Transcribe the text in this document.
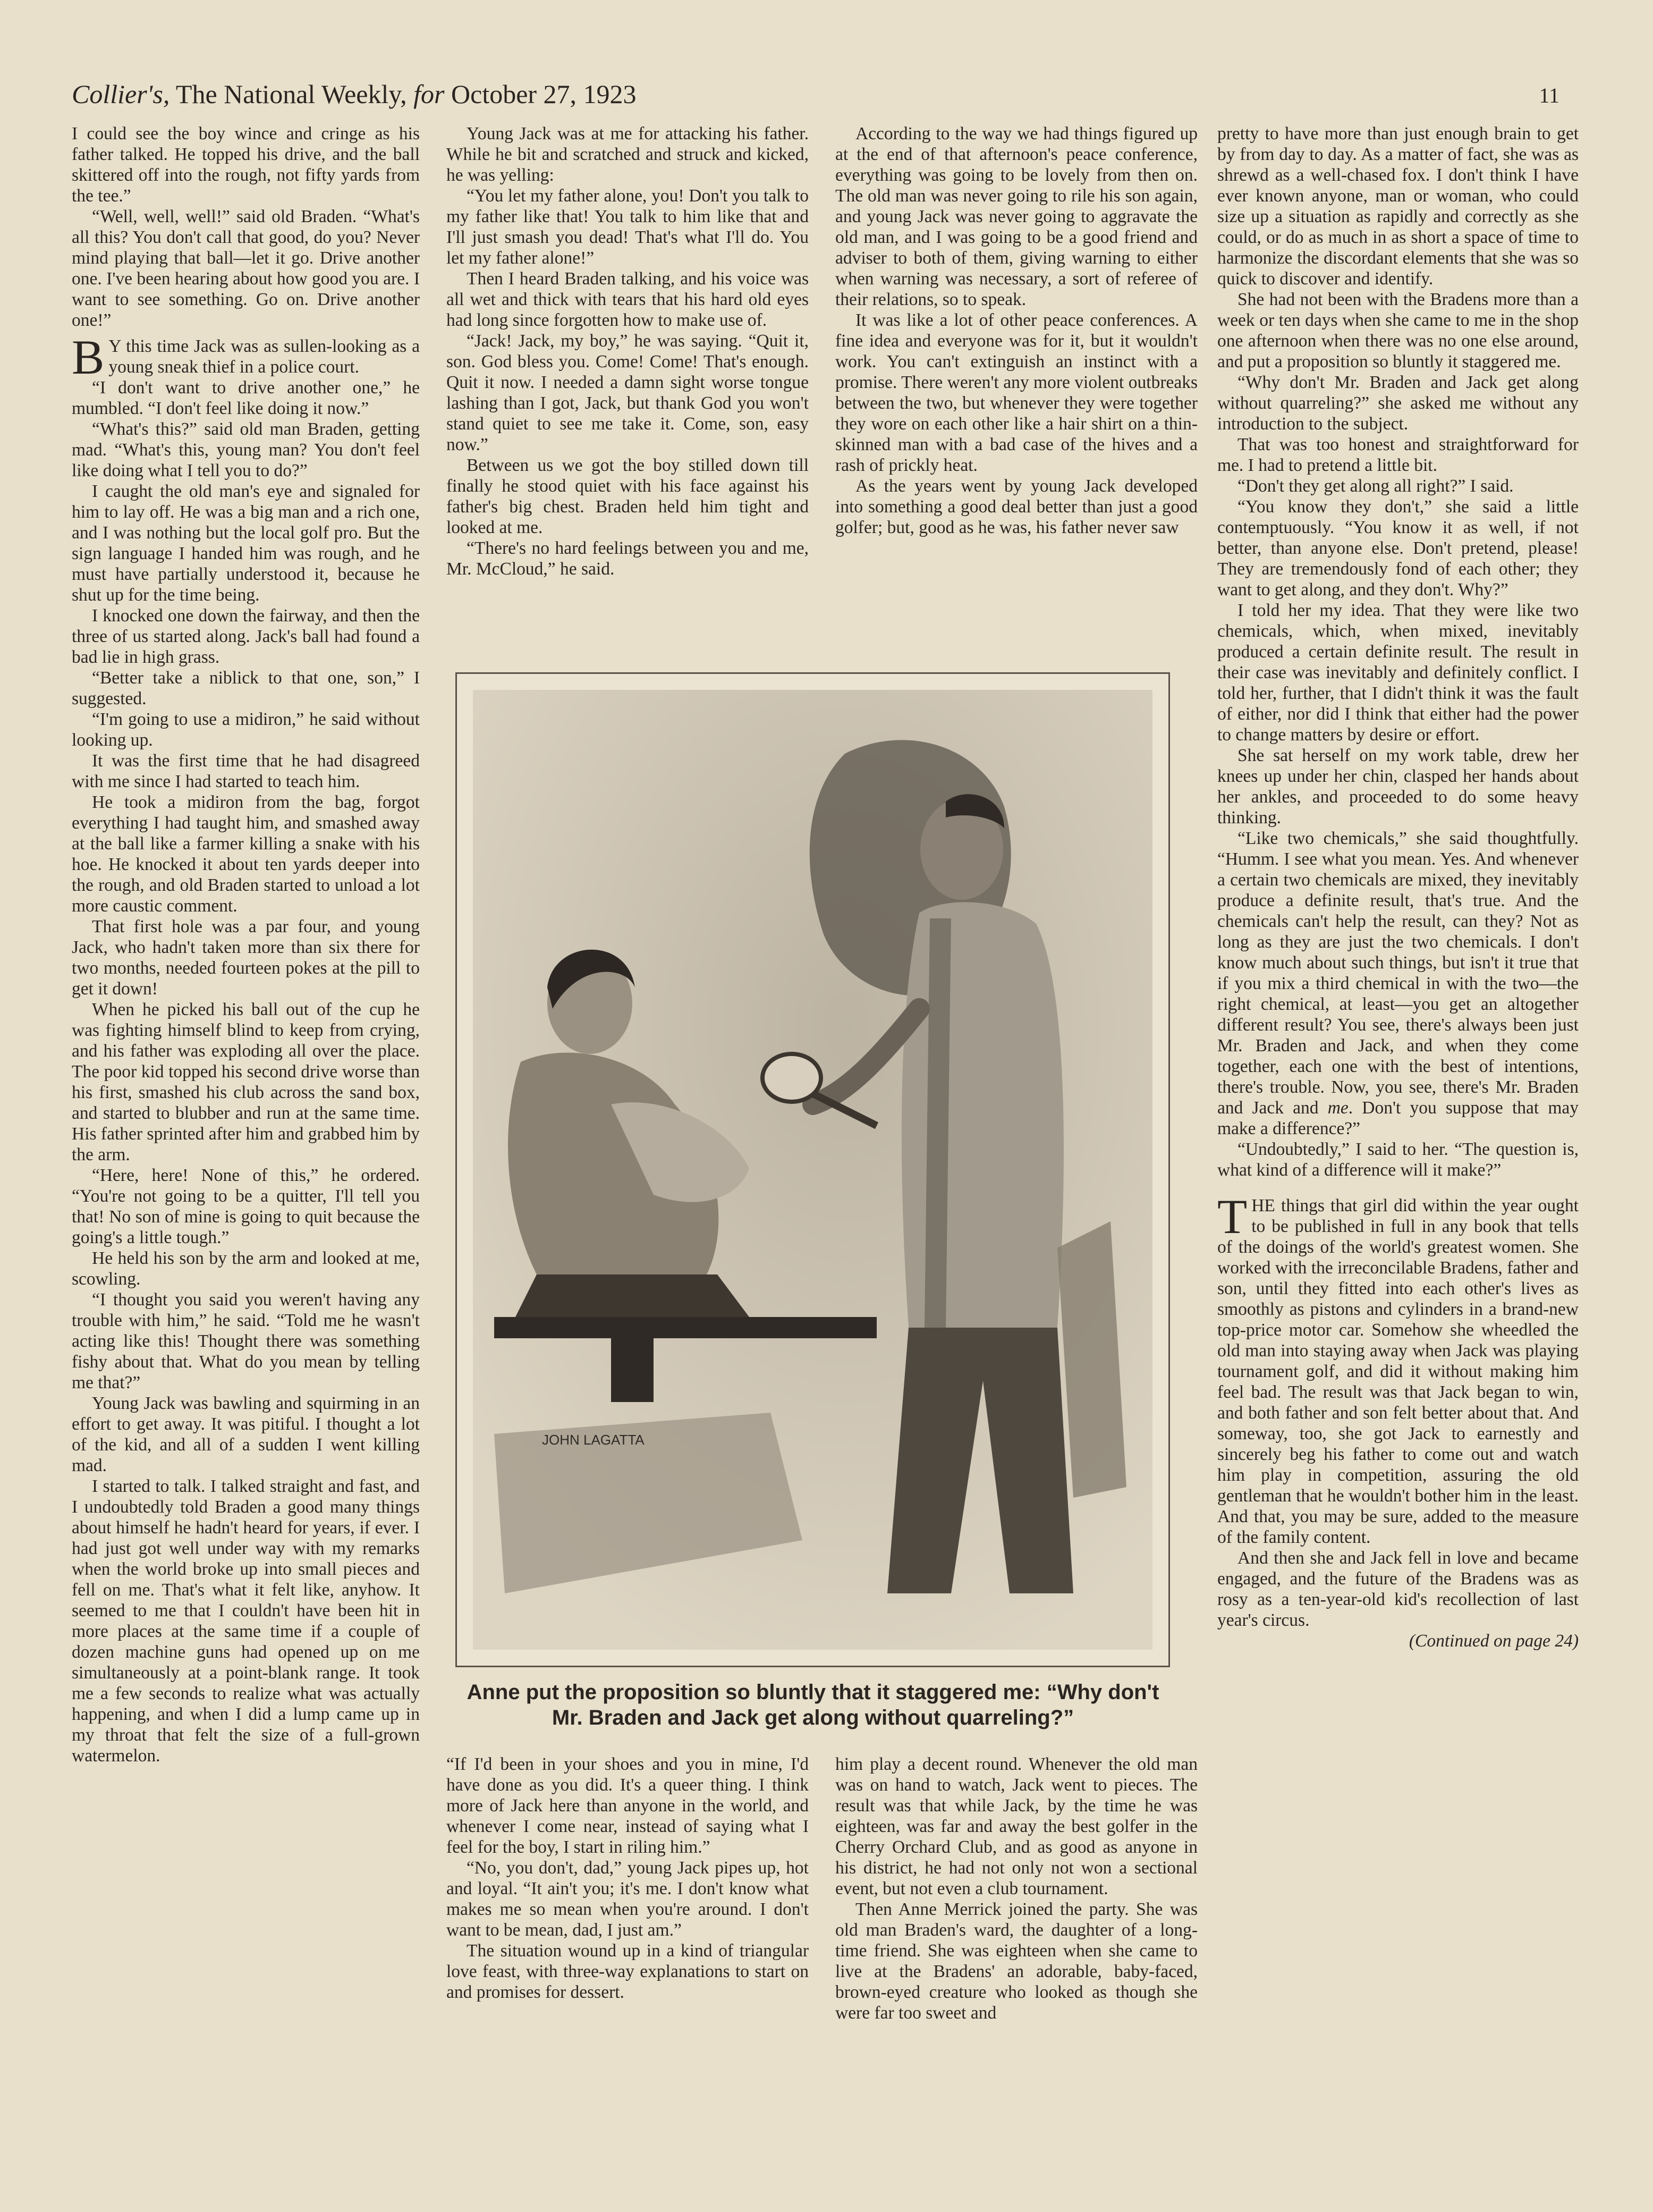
Collier's, The National Weekly, for October 27, 1923	11

I could see the boy wince and cringe as his father talked. He topped his drive, and the ball skittered off into the rough, not fifty yards from the tee.”

“Well, well, well!” said old Braden. “What's all this? You don't call that good, do you? Never mind playing that ball—let it go. Drive another one. I've been hearing about how good you are. I want to see something. Go on. Drive another one!”

B Y this time Jack was as sullen-looking as a young sneak thief in a police court.

“I don't want to drive another one,” he mumbled. “I don't feel like doing it now.”

“What's this?” said old man Braden, getting mad. “What's this, young man? You don't feel like doing what I tell you to do?”

I caught the old man's eye and signaled for him to lay off. He was a big man and a rich one, and I was nothing but the local golf pro. But the sign language I handed him was rough, and he must have partially understood it, because he shut up for the time being.

I knocked one down the fairway, and then the three of us started along. Jack's ball had found a bad lie in high grass.

“Better take a niblick to that one, son,” I suggested.

“I'm going to use a midiron,” he said without looking up.

It was the first time that he had disagreed with me since I had started to teach him.

He took a midiron from the bag, forgot everything I had taught him, and smashed away at the ball like a farmer killing a snake with his hoe. He knocked it about ten yards deeper into the rough, and old Braden started to unload a lot more caustic comment.

That first hole was a par four, and young Jack, who hadn't taken more than six there for two months, needed fourteen pokes at the pill to get it down!

When he picked his ball out of the cup he was fighting himself blind to keep from crying, and his father was exploding all over the place. The poor kid topped his second drive worse than his first, smashed his club across the sand box, and started to blubber and run at the same time. His father sprinted after him and grabbed him by the arm.

“Here, here! None of this,” he ordered. “You're not going to be a quitter, I'll tell you that! No son of mine is going to quit because the going's a little tough.”

He held his son by the arm and looked at me, scowling.

“I thought you said you weren't having any trouble with him,” he said. “Told me he wasn't acting like this! Thought there was something fishy about that. What do you mean by telling me that?”

Young Jack was bawling and squirming in an effort to get away. It was pitiful. I thought a lot of the kid, and all of a sudden I went killing mad.

I started to talk. I talked straight and fast, and I undoubtedly told Braden a good many things about himself he hadn't heard for years, if ever. I had just got well under way with my remarks when the world broke up into small pieces and fell on me. That's what it felt like, anyhow. It seemed to me that I couldn't have been hit in more places at the same time if a couple of dozen machine guns had opened up on me simultaneously at a point-blank range. It took me a few seconds to realize what was actually happening, and when I did a lump came up in my throat that felt the size of a full-grown watermelon.

Young Jack was at me for attacking his father. While he bit and scratched and struck and kicked, he was yelling:

“You let my father alone, you! Don't you talk to my father like that! You talk to him like that and I'll just smash you dead! That's what I'll do. You let my father alone!”

Then I heard Braden talking, and his voice was all wet and thick with tears that his hard old eyes had long since forgotten how to make use of.

“Jack! Jack, my boy,” he was saying. “Quit it, son. God bless you. Come! Come! That's enough. Quit it now. I needed a damn sight worse tongue lashing than I got, Jack, but thank God you won't stand quiet to see me take it. Come, son, easy now.”

Between us we got the boy stilled down till finally he stood quiet with his face against his father's big chest. Braden held him tight and looked at me.

“There's no hard feelings between you and me, Mr. McCloud,” he said.

According to the way we had things figured up at the end of that afternoon's peace conference, everything was going to be lovely from then on. The old man was never going to rile his son again, and young Jack was never going to aggravate the old man, and I was going to be a good friend and adviser to both of them, giving warning to either when warning was necessary, a sort of referee of their relations, so to speak.

It was like a lot of other peace conferences. A fine idea and everyone was for it, but it wouldn't work. You can't extinguish an instinct with a promise. There weren't any more violent outbreaks between the two, but whenever they were together they wore on each other like a hair shirt on a thin-skinned man with a bad case of the hives and a rash of prickly heat.

As the years went by young Jack developed into something a good deal better than just a good golfer; but, good as he was, his father never saw

pretty to have more than just enough brain to get by from day to day. As a matter of fact, she was as shrewd as a well-chased fox. I don't think I have ever known anyone, man or woman, who could size up a situation as rapidly and correctly as she could, or do as much in as short a space of time to harmonize the discordant elements that she was so quick to discover and identify.

She had not been with the Bradens more than a week or ten days when she came to me in the shop one afternoon when there was no one else around, and put a proposition so bluntly it staggered me.

“Why don't Mr. Braden and Jack get along without quarreling?” she asked me without any introduction to the subject.

That was too honest and straightforward for me. I had to pretend a little bit.

“Don't they get along all right?” I said.

“You know they don't,” she said a little contemptuously. “You know it as well, if not better, than anyone else. Don't pretend, please! They are tremendously fond of each other; they want to get along, and they don't. Why?”

I told her my idea. That they were like two chemicals, which, when mixed, inevitably produced a certain definite result. The result in their case was inevitably and definitely conflict. I told her, further, that I didn't think it was the fault of either, nor did I think that either had the power to change matters by desire or effort.

She sat herself on my work table, drew her knees up under her chin, clasped her hands about her ankles, and proceeded to do some heavy thinking.

“Like two chemicals,” she said thoughtfully. “Humm. I see what you mean. Yes. And whenever a certain two chemicals are mixed, they inevitably produce a definite result, that's true. And the chemicals can't help the result, can they? Not as long as they are just the two chemicals. I don't know much about such things, but isn't it true that if you mix a third chemical in with the two—the right chemical, at least—you get an altogether different result? You see, there's always been just Mr. Braden and Jack, and when they come together, each one with the best of intentions, there's trouble. Now, you see, there's Mr. Braden and Jack and me. Don't you suppose that may make a difference?”

“Undoubtedly,” I said to her. “The question is, what kind of a difference will it make?”

THE things that girl did within the year ought to be published in full in any book that tells of the doings of the world's greatest women. She worked with the irreconcilable Bradens, father and son, until they fitted into each other's lives as smoothly as pistons and cylinders in a brand-new top-price motor car. Somehow she wheedled the old man into staying away when Jack was playing tournament golf, and did it without making him feel bad. The result was that Jack began to win, and both father and son felt better about that. And someway, too, she got Jack to earnestly and sincerely beg his father to come out and watch him play in competition, assuring the old gentleman that he wouldn't bother him in the least. And that, you may be sure, added to the measure of the family content.

And then she and Jack fell in love and became engaged, and the future of the Bradens was as rosy as a ten-year-old kid's recollection of last year's circus.

(Continued on page 24)
JOHN LAGATTA
Anne put the proposition so bluntly that it staggered me: “Why don't Mr. Braden and Jack get along without quarreling?”

“If I'd been in your shoes and you in mine, I'd have done as you did. It's a queer thing. I think more of Jack here than anyone in the world, and whenever I come near, instead of saying what I feel for the boy, I start in riling him.”

“No, you don't, dad,” young Jack pipes up, hot and loyal. “It ain't you; it's me. I don't know what makes me so mean when you're around. I don't want to be mean, dad, I just am.”

The situation wound up in a kind of triangular love feast, with three-way explanations to start on and promises for dessert.

him play a decent round. Whenever the old man was on hand to watch, Jack went to pieces. The result was that while Jack, by the time he was eighteen, was far and away the best golfer in the Cherry Orchard Club, and as good as anyone in his district, he had not only not won a sectional event, but not even a club tournament.

Then Anne Merrick joined the party. She was old man Braden's ward, the daughter of a long-time friend. She was eighteen when she came to live at the Bradens' an adorable, baby-faced, brown-eyed creature who looked as though she were far too sweet and
